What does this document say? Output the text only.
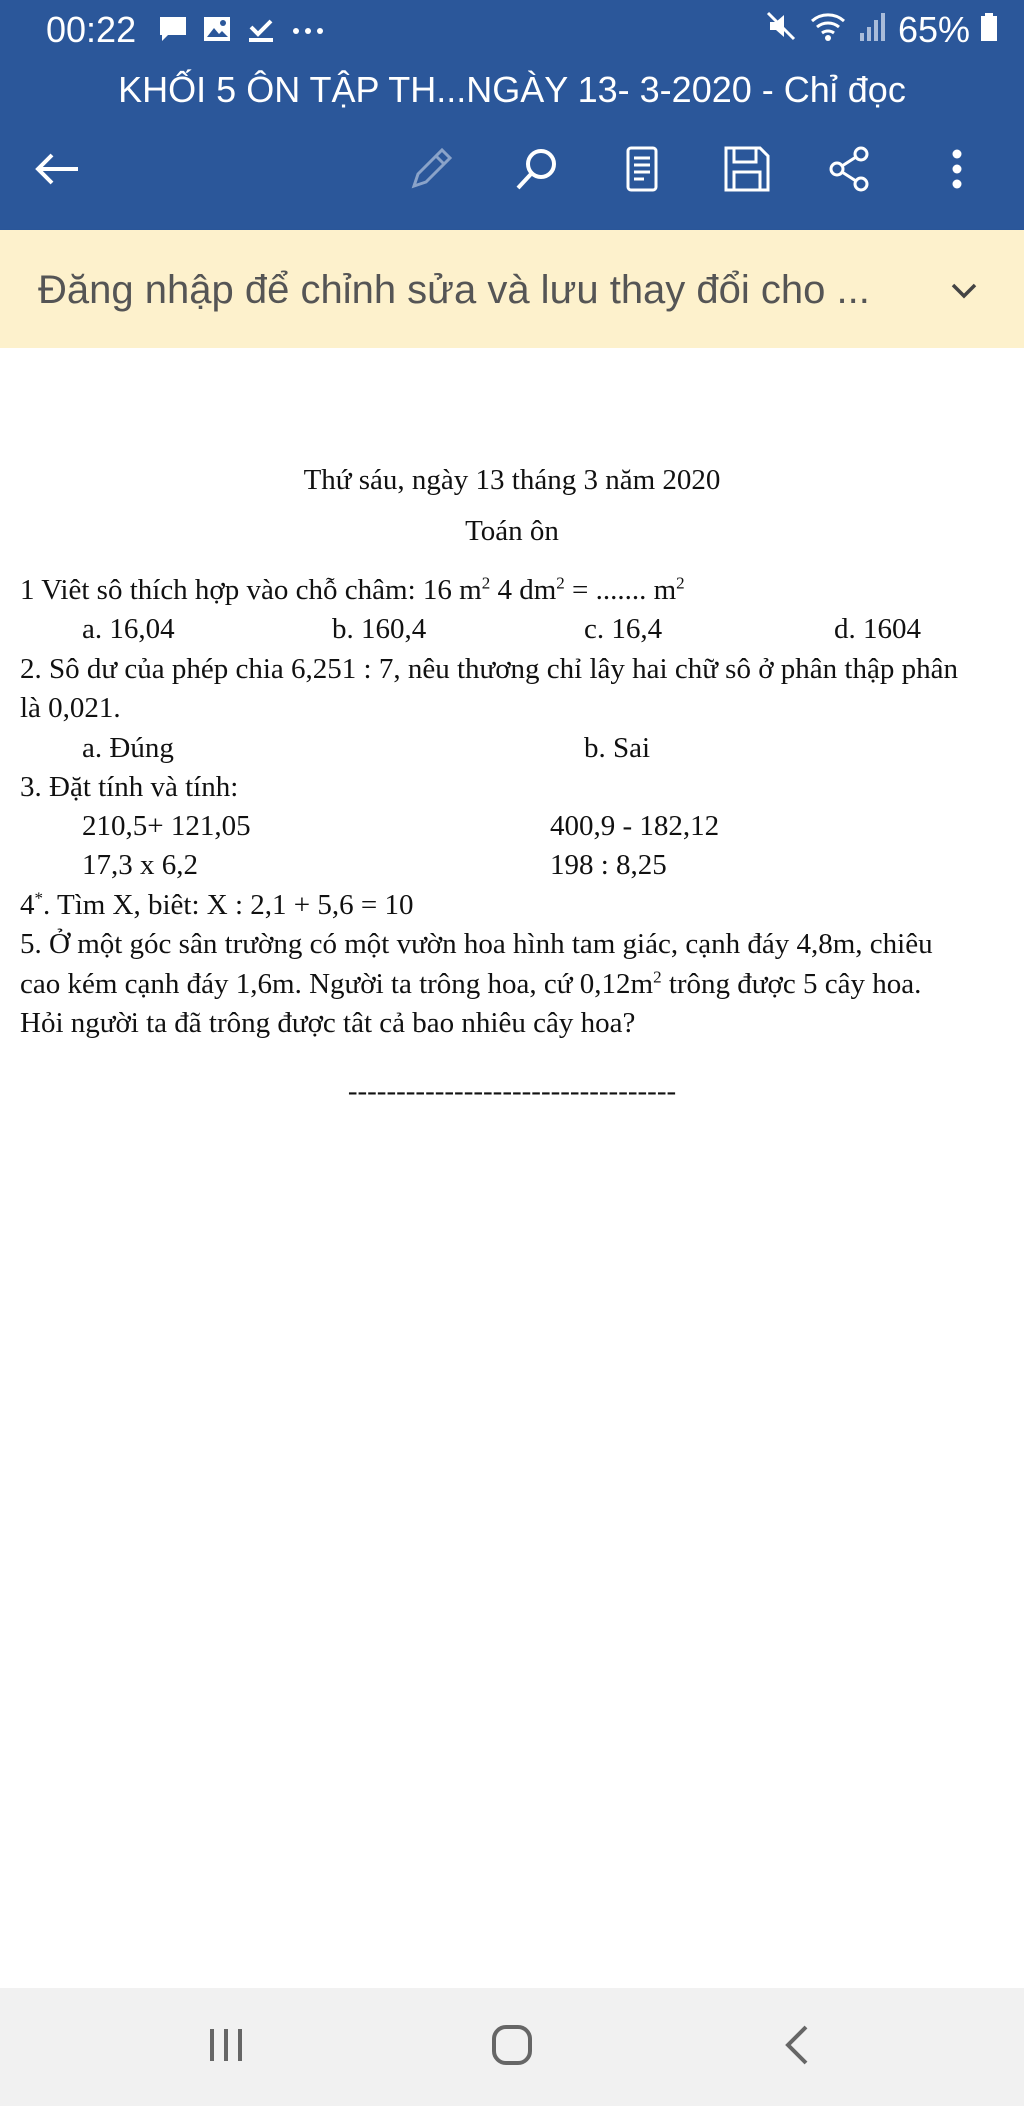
00:22	65%
KHỐI 5 ÔN TẬP TH...NGÀY 13- 3-2020 - Chỉ đọc
Đăng nhập để chỉnh sửa và lưu thay đổi cho ...
Thứ sáu, ngày 13 tháng 3 năm 2020
Toán ôn
1 Viêt sô thích hợp vào chỗ châm: 16 $m^2$ 4 $dm^2$ = ....... $m^2$
a. 16,04	b. 160,4	c. 16,4	d. 1604
2. Sô dư của phép chia 6,251 : 7, nêu thương chỉ lây hai chữ sô ở phân thập phân
là 0,021.
a. Đúng	b. Sai
3. Đặt tính và tính:
210,5+ 121,05	400,9 - 182,12
17,3 x 6,2	198 : 8,25
4*. Tìm X, biêt: X : 2,1 + 5,6 = 10
5. Ở một góc sân trường có một vườn hoa hình tam giác, cạnh đáy 4,8m, chiêu
cao kém cạnh đáy 1,6m. Người ta trông hoa, cứ $0,12m^2$ trông được 5 cây hoa.
Hỏi người ta đã trông được tât cả bao nhiêu cây hoa?
----------------------------------
